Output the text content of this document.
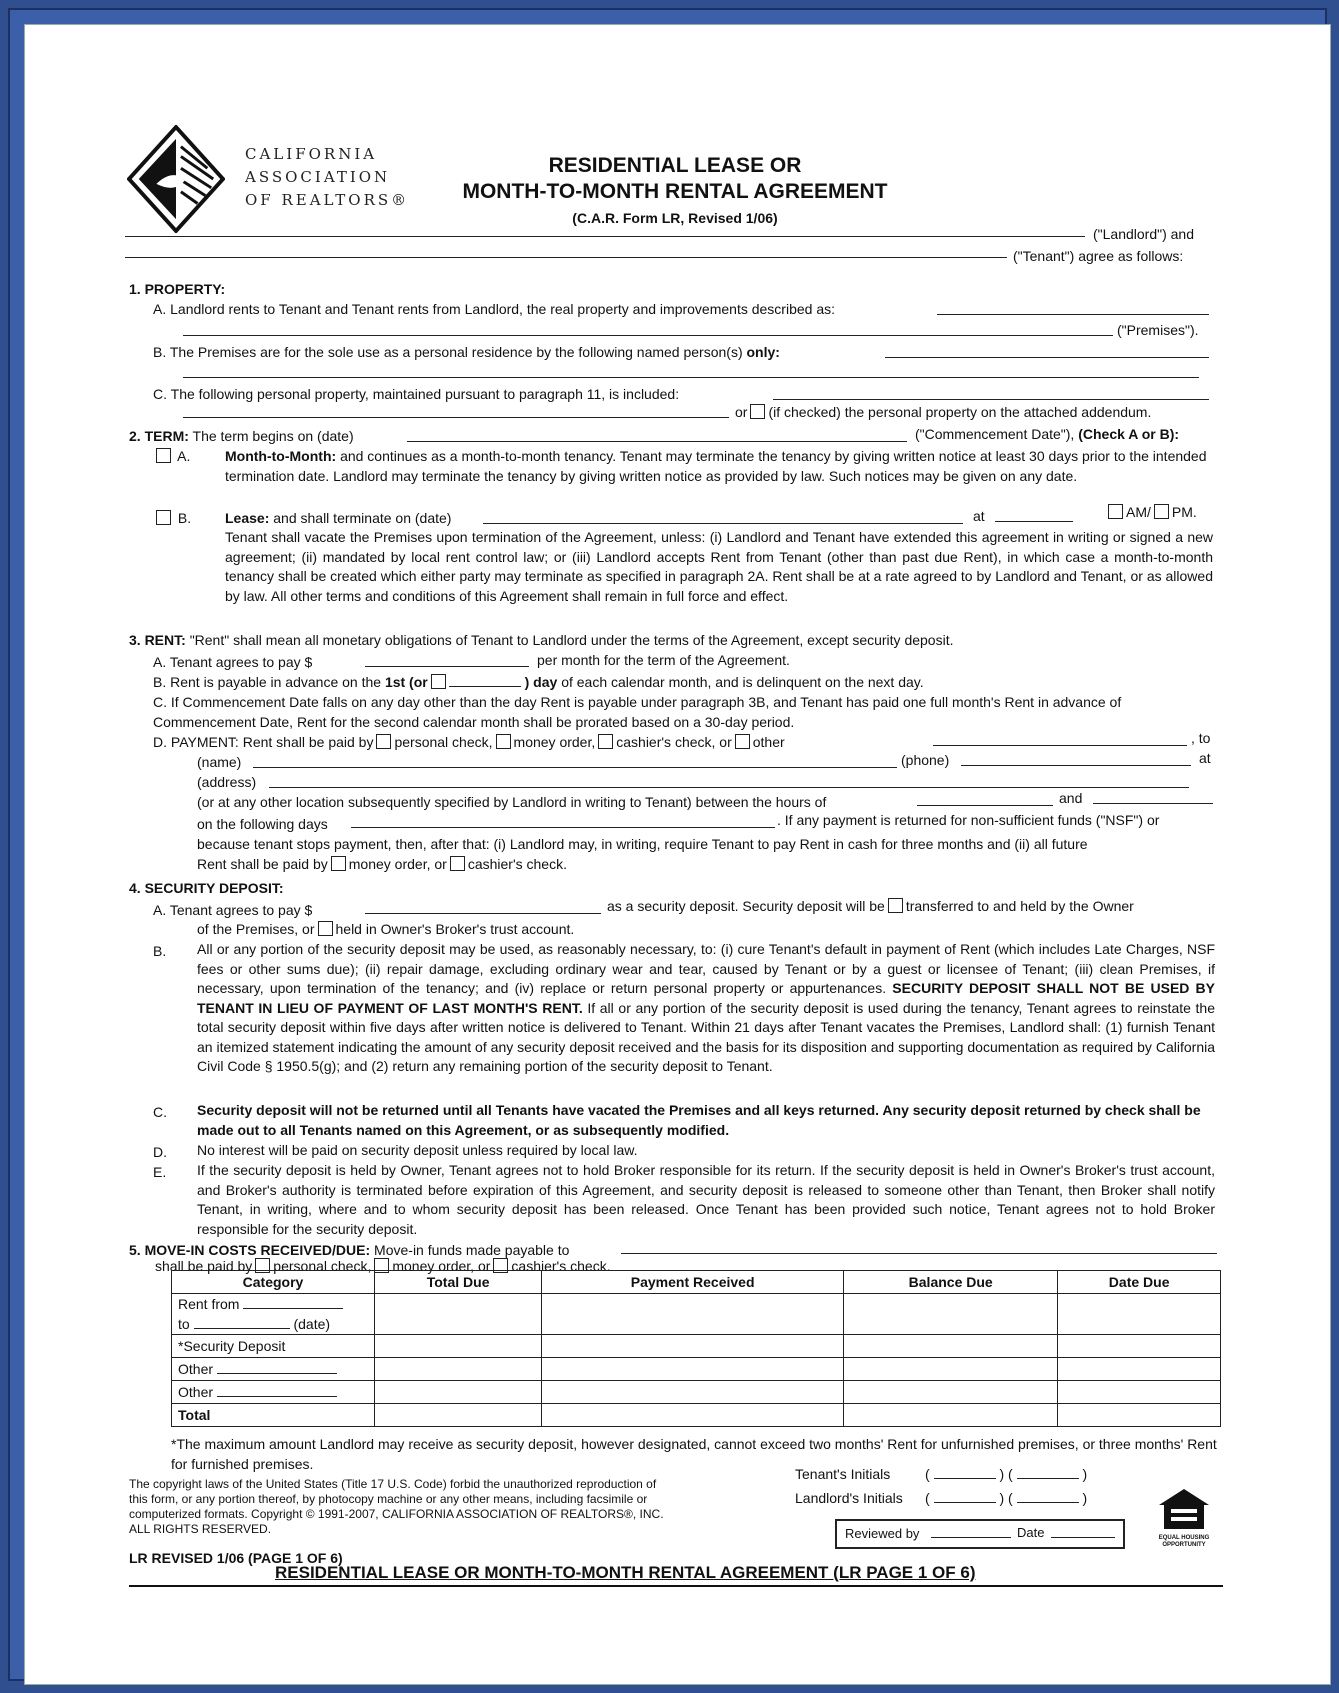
CALIFORNIA
ASSOCIATION
OF REALTORS®
RESIDENTIAL LEASE OR
MONTH-TO-MONTH RENTAL AGREEMENT
(C.A.R. Form LR, Revised 1/06)
("Landlord") and
("Tenant") agree as follows:
1. PROPERTY:
A. Landlord rents to Tenant and Tenant rents from Landlord, the real property and improvements described as:
("Premises").
B. The Premises are for the sole use as a personal residence by the following named person(s) only:
C. The following personal property, maintained pursuant to paragraph 11, is included:
or (if checked) the personal property on the attached addendum.
2. TERM: The term begins on (date)	("Commencement Date"), (Check A or B):
A. Month-to-Month: and continues as a month-to-month tenancy. Tenant may terminate the tenancy by giving written notice at least 30 days prior to the intended termination date. Landlord may terminate the tenancy by giving written notice as provided by law. Such notices may be given on any date.
B. Lease: and shall terminate on (date)	at	AM/ PM.
Tenant shall vacate the Premises upon termination of the Agreement, unless: (i) Landlord and Tenant have extended this agreement in writing or signed a new agreement; (ii) mandated by local rent control law; or (iii) Landlord accepts Rent from Tenant (other than past due Rent), in which case a month-to-month tenancy shall be created which either party may terminate as specified in paragraph 2A. Rent shall be at a rate agreed to by Landlord and Tenant, or as allowed by law. All other terms and conditions of this Agreement shall remain in full force and effect.
3. RENT: "Rent" shall mean all monetary obligations of Tenant to Landlord under the terms of the Agreement, except security deposit.
A. Tenant agrees to pay $	per month for the term of the Agreement.
B. Rent is payable in advance on the 1st (or	) day of each calendar month, and is delinquent on the next day.
C. If Commencement Date falls on any day other than the day Rent is payable under paragraph 3B, and Tenant has paid one full month's Rent in advance of Commencement Date, Rent for the second calendar month shall be prorated based on a 30-day period.
D. PAYMENT: Rent shall be paid by personal check, money order, cashier's check, or other	, to
(name)	(phone)	at
(address)
(or at any other location subsequently specified by Landlord in writing to Tenant) between the hours of	and
on the following days	. If any payment is returned for non-sufficient funds ("NSF") or
because tenant stops payment, then, after that: (i) Landlord may, in writing, require Tenant to pay Rent in cash for three months and (ii) all future
Rent shall be paid by money order, or cashier's check.
4. SECURITY DEPOSIT:
A. Tenant agrees to pay $	as a security deposit. Security deposit will be transferred to and held by the Owner
of the Premises, or held in Owner's Broker's trust account.
B. All or any portion of the security deposit may be used, as reasonably necessary, to: (i) cure Tenant's default in payment of Rent (which includes Late Charges, NSF fees or other sums due); (ii) repair damage, excluding ordinary wear and tear, caused by Tenant or by a guest or licensee of Tenant; (iii) clean Premises, if necessary, upon termination of the tenancy; and (iv) replace or return personal property or appurtenances. SECURITY DEPOSIT SHALL NOT BE USED BY TENANT IN LIEU OF PAYMENT OF LAST MONTH'S RENT. If all or any portion of the security deposit is used during the tenancy, Tenant agrees to reinstate the total security deposit within five days after written notice is delivered to Tenant. Within 21 days after Tenant vacates the Premises, Landlord shall: (1) furnish Tenant an itemized statement indicating the amount of any security deposit received and the basis for its disposition and supporting documentation as required by California Civil Code § 1950.5(g); and (2) return any remaining portion of the security deposit to Tenant.
C. Security deposit will not be returned until all Tenants have vacated the Premises and all keys returned. Any security deposit returned by check shall be made out to all Tenants named on this Agreement, or as subsequently modified.
D. No interest will be paid on security deposit unless required by local law.
E. If the security deposit is held by Owner, Tenant agrees not to hold Broker responsible for its return. If the security deposit is held in Owner's Broker's trust account, and Broker's authority is terminated before expiration of this Agreement, and security deposit is released to someone other than Tenant, then Broker shall notify Tenant, in writing, where and to whom security deposit has been released. Once Tenant has been provided such notice, Tenant agrees not to hold Broker responsible for the security deposit.
5. MOVE-IN COSTS RECEIVED/DUE: Move-in funds made payable to
shall be paid by personal check, money order, or cashier's check.
Category	Total Due	Payment Received	Balance Due	Date Due
Rent from
to (date)				
*Security Deposit				
Other				
Other				
Total				
*The maximum amount Landlord may receive as security deposit, however designated, cannot exceed two months' Rent for unfurnished premises, or three months' Rent for furnished premises.
The copyright laws of the United States (Title 17 U.S. Code) forbid the unauthorized reproduction of this form, or any portion thereof, by photocopy machine or any other means, including facsimile or computerized formats. Copyright © 1991-2007, CALIFORNIA ASSOCIATION OF REALTORS®, INC. ALL RIGHTS RESERVED.
LR REVISED 1/06 (PAGE 1 OF 6)
Tenant's Initials (	) (	)
Landlord's Initials (	) (	)
Reviewed by	Date	EQUAL HOUSING OPPORTUNITY
RESIDENTIAL LEASE OR MONTH-TO-MONTH RENTAL AGREEMENT (LR PAGE 1 OF 6)
